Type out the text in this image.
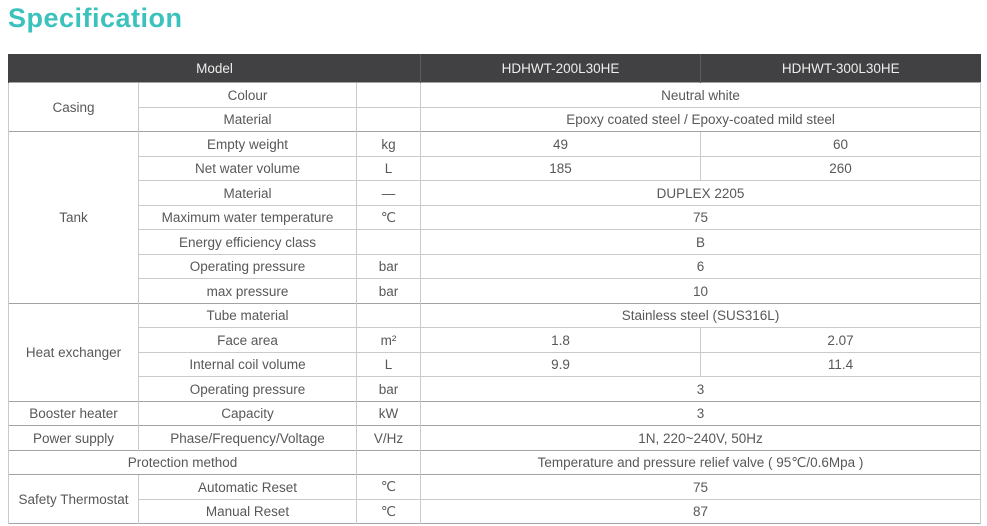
Specification
Model			HDHWT-200L30HE	HDHWT-300L30HE
Casing	Colour		Neutral white	
	Material		Epoxy coated steel / Epoxy-coated mild steel	
Tank	Empty weight	kg	49	60
	Net water volume	L	185	260
	Material	—	DUPLEX 2205	
	Maximum water temperature	℃	75	
	Energy efficiency class		B	
	Operating pressure	bar	6	
	max pressure	bar	10	
Heat exchanger	Tube material		Stainless steel (SUS316L)	
	Face area	m²	1.8	2.07
	Internal coil volume	L	9.9	11.4
	Operating pressure	bar	3	
Booster heater	Capacity	kW	3	
Power supply	Phase/Frequency/Voltage	V/Hz	1N, 220~240V, 50Hz	
Protection method			Temperature and pressure relief valve ( 95℃/0.6Mpa )	
Safety Thermostat	Automatic Reset	℃	75	
	Manual Reset	℃	87	
